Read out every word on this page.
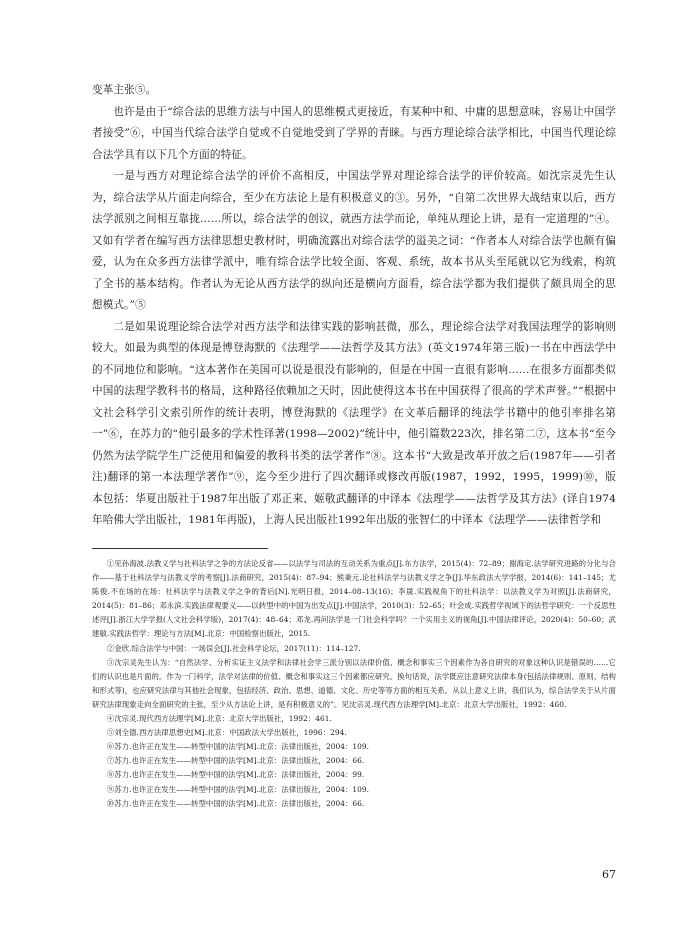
变革主张⑤。

也许是由于“综合法的思维方法与中国人的思维模式更接近，有某种中和、中庸的思想意味，容易让中国学者接受”⑥，中国当代综合法学自觉或不自觉地受到了学界的青睐。与西方理论综合法学相比，中国当代理论综合法学具有以下几个方面的特征。

一是与西方对理论综合法学的评价不高相反，中国法学界对理论综合法学的评价较高。如沈宗灵先生认为，综合法学从片面走向综合，至少在方法论上是有积极意义的③。另外，“自第二次世界大战结束以后，西方法学派别之间相互靠拢……所以，综合法学的创议，就西方法学而论，单纯从理论上讲，是有一定道理的”④。又如有学者在编写西方法律思想史教材时，明确流露出对综合法学的溢美之词：“作者本人对综合法学也颇有偏爱，认为在众多西方法律学派中，唯有综合法学比较全面、客观、系统，故本书从头至尾就以它为线索，构筑了全书的基本结构。作者认为无论从西方法学的纵向还是横向方面看，综合法学都为我们提供了颇具周全的思想模式。”⑤

二是如果说理论综合法学对西方法学和法律实践的影响甚微，那么，理论综合法学对我国法理学的影响则较大。如最为典型的体现是博登海默的《法理学——法哲学及其方法》(英文1974年第三版)一书在中西法学中的不同地位和影响。“这本著作在美国可以说是很没有影响的，但是在中国一直很有影响……在很多方面都类似中国的法理学教科书的格局，这种路径依赖加之天时，因此使得这本书在中国获得了很高的学术声誉。”“根据中文社会科学引文索引所作的统计表明，博登海默的《法理学》在文革后翻译的纯法学书籍中的他引率排名第一”⑥，在苏力的“他引最多的学术性译著(1998—2002)”统计中，他引篇数223次，排名第二⑦，这本书“至今仍然为法学院学生广泛使用和偏爱的教科书类的法学著作”⑧。这本书“大致是改革开放之后(1987年——引者注)翻译的第一本法理学著作”⑨，迄今至少进行了四次翻译或修改再版(1987，1992，1995，1999)⑩，版本包括：华夏出版社于1987年出版了邓正来、姬敬武翻译的中译本《法理学——法哲学及其方法》(译自1974年哈佛大学出版社，1981年再版)，上海人民出版社1992年出版的张智仁的中译本《法理学——法律哲学和

①见孙海波.法教义学与社科法学之争的方法论反省——以法学与司法的互动关系为重点[J].东方法学，2015(4)：72–89；谢海定.法学研究进路的分化与合作——基于社科法学与法教义学的考察[J].法商研究，2015(4)：87–94；熊秉元.论社科法学与法教义学之争[J].华东政法大学学报，2014(6)：141–145；尤陈俊.不在场的在场：社科法学与法教义学之争的背后[N].光明日报，2014–08–13(16)；李晟.实践视角下的社科法学：以法教义学为对照[J].法商研究，2014(5)：81–86；邓永滨.实践法律观要义——以转型中的中国为出发点[J].中国法学，2010(3)：52–65；叶会成.实践哲学视域下的法哲学研究：一个反思性述评[J].浙江大学学报(人文社会科学版)，2017(4)：48–64；邓龙.再问法学是一门社会科学吗？一个实用主义的视角[J].中国法律评论，2020(4)：50–60；武建敏.实践法哲学：理论与方法[M].北京：中国检察出版社，2015.

②金欣.综合法学与中国：一场误会[J].社会科学论坛，2017(11)：114–127.

③沈宗灵先生认为：“自然法学、分析实证主义法学和法律社会学三派分别以法律价值、概念和事实三个因素作为各自研究的对象这种认识是错误的……它们的认识也是片面的。作为一门科学，法学对法律的价值、概念和事实这三个因素都应研究。换句话说，法学既应注意研究法律本身(包括法律规则、原则、结构和形式等)，也应研究法律与其他社会现象，包括经济、政治、思想、道德、文化、历史等等方面的相互关系。从以上意义上讲，我们认为，综合法学关于从片面研究法律现象走向全面研究的主张，至少从方法论上讲，是有积极意义的”。见沈宗灵.现代西方法理学[M].北京：北京大学出版社，1992：460.

④沈宗灵.现代西方法理学[M].北京：北京大学出版社，1992：461.

⑤刘全德.西方法律思想史[M].北京：中国政法大学出版社，1996：294.

⑥苏力.也许正在发生——转型中国的法学[M].北京：法律出版社，2004：109.

⑦苏力.也许正在发生——转型中国的法学[M].北京：法律出版社，2004：66.

⑧苏力.也许正在发生——转型中国的法学[M].北京：法律出版社，2004：99.

⑨苏力.也许正在发生——转型中国的法学[M].北京：法律出版社，2004：109.

⑩苏力.也许正在发生——转型中国的法学[M].北京：法律出版社，2004：66.

67
